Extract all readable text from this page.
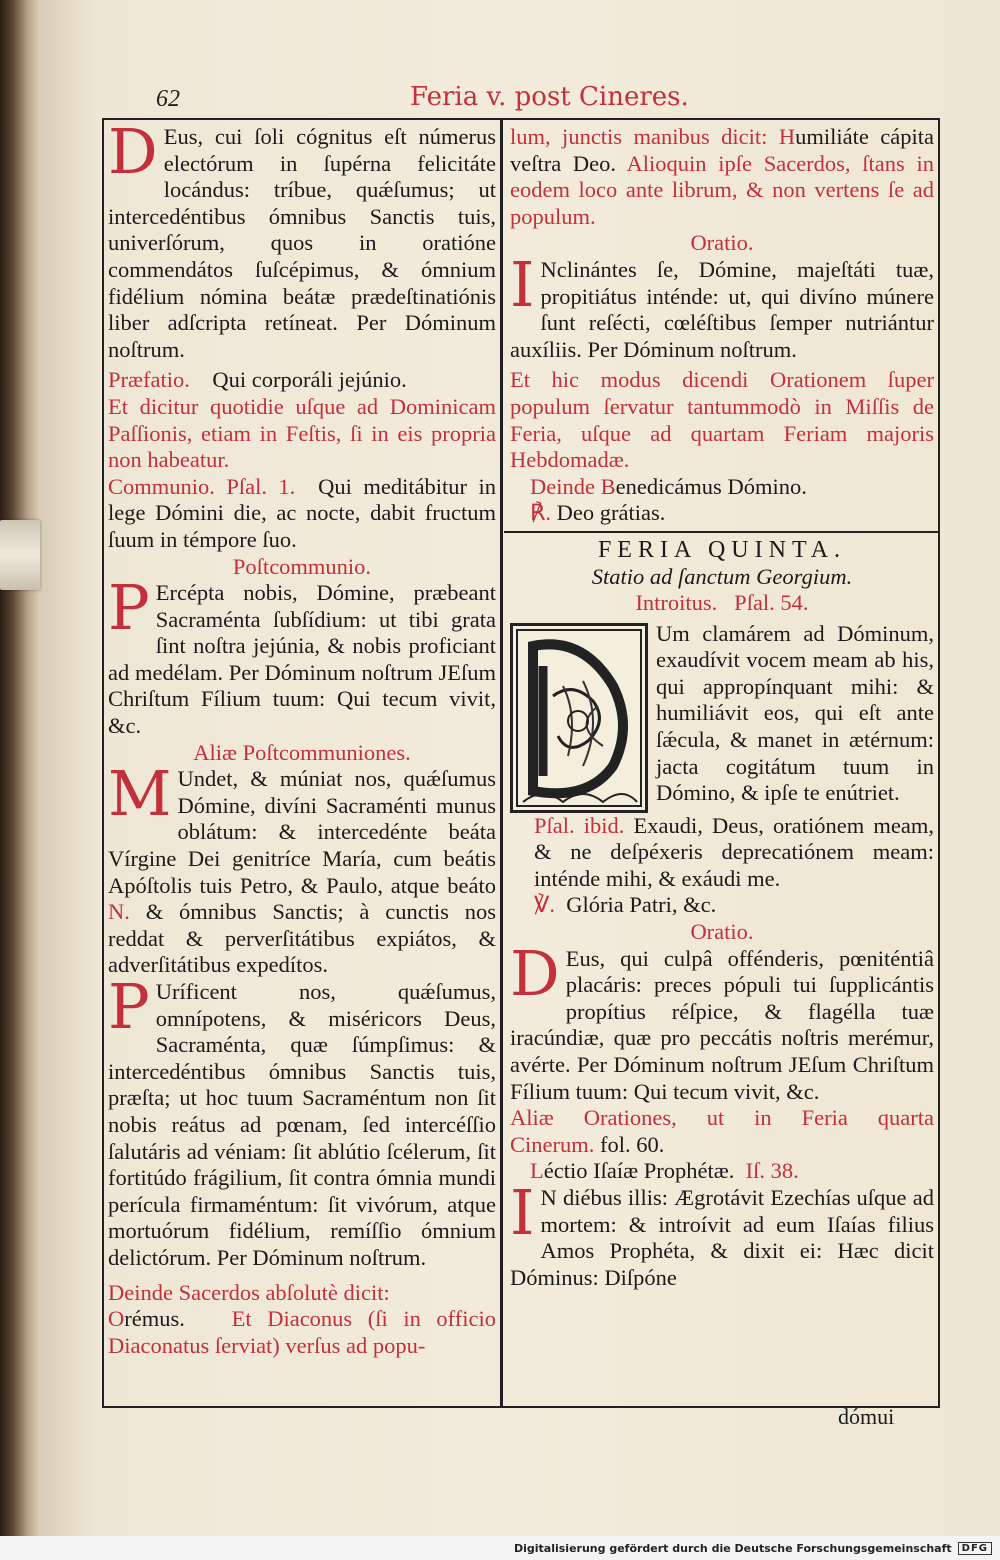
62	Feria v. post Cineres.

D Eus, cui ſoli cógnitus eſt númerus electórum in ſupérna felicitáte locándus: tríbue, quǽſumus; ut intercedéntibus ómnibus Sanctis tuis, univerſórum, quos in oratióne commendátos ſuſcépimus, & ómnium fidélium nómina beátæ prædeſtinatiónis liber adſcripta retíneat. Per Dóminum noſtrum.

Præfatio. Qui corporáli jejúnio.

Et dicitur quotidie uſque ad Dominicam Paſſionis, etiam in Feſtis, ſi in eis propria non habeatur.

Communio. Pſal. 1. Qui meditábitur in lege Dómini die, ac nocte, dabit fructum ſuum in témpore ſuo.

Poſtcommunio.

P Ercépta nobis, Dómine, præbeant Sacraménta ſubſídium: ut tibi grata ſint noſtra jejúnia, & nobis proficiant ad medélam. Per Dóminum noſtrum JEſum Chriſtum Fílium tuum: Qui tecum vivit, &c.

Aliæ Poſtcommuniones.

M Undet, & múniat nos, quǽſumus Dómine, divíni Sacraménti munus oblátum: & intercedénte beáta Vírgine Dei genitríce María, cum beátis Apóſtolis tuis Petro, & Paulo, atque beáto N. & ómnibus Sanctis; à cunctis nos reddat & perverſitátibus expiátos, & adverſitátibus expedítos.

P Uríficent nos, quǽſumus, omnípotens, & miséricors Deus, Sacraménta, quæ ſúmpſimus: & intercedéntibus ómnibus Sanctis tuis, præſta; ut hoc tuum Sacraméntum non ſit nobis reátus ad pœnam, ſed intercéſſio ſalutáris ad véniam: ſit ablútio ſcélerum, ſit fortitúdo frágilium, ſit contra ómnia mundi perícula firmaméntum: ſit vivórum, atque mortuórum fidélium, remíſſio ómnium delictórum. Per Dóminum noſtrum.

Deinde Sacerdos abſolutè dicit:

Orémus. Et Diaconus (ſi in officio Diaconatus ſerviat) verſus ad popu-

lum, junctis manibus dicit: Humiliáte cápita veſtra Deo. Alioquin ipſe Sacerdos, ſtans in eodem loco ante librum, & non vertens ſe ad populum.

Oratio.

I Nclinántes ſe, Dómine, majeſtáti tuæ, propitiátus inténde: ut, qui divíno múnere ſunt reſécti, cœléſtibus ſemper nutriántur auxíliis. Per Dóminum noſtrum.

Et hic modus dicendi Orationem ſuper populum ſervatur tantummodò in Miſſis de Feria, uſque ad quartam Feriam majoris Hebdomadæ.

Deinde Benedicámus Dómino.

℟. Deo grátias.

FERIA QUINTA.

Statio ad ſanctum Georgium.

Introitus.   Pſal. 54.

Um clamárem ad Dóminum, exaudívit vocem meam ab his, qui appropínquant mihi: & humiliávit eos, qui eſt ante ſǽcula, & manet in ætérnum: jacta cogitátum tuum in Dómino, & ipſe te enútriet.

Pſal. ibid. Exaudi, Deus, oratiónem meam, & ne deſpéxeris deprecatiónem meam: inténde mihi, & exáudi me.

℣. Glória Patri, &c.

Oratio.

D Eus, qui culpâ offénderis, pœniténtiâ placáris: preces pópuli tui ſupplicántis propítius réſpice, & flagélla tuæ iracúndiæ, quæ pro peccátis noſtris merémur, avérte. Per Dóminum noſtrum JEſum Chriſtum Fílium tuum: Qui tecum vivit, &c.

Aliæ Orationes, ut in Feria quarta Cinerum. fol. 60.

Léctio Iſaíæ Prophétæ. Iſ. 38.

I N diébus illis: Ægrotávit Ezechías uſque ad mortem: & introívit ad eum Iſaías filius Amos Prophéta, & dixit ei: Hæc dicit Dóminus: Diſpóne

dómui
Digitalisierung gefördert durch die Deutsche Forschungsgemeinschaft	DFG
